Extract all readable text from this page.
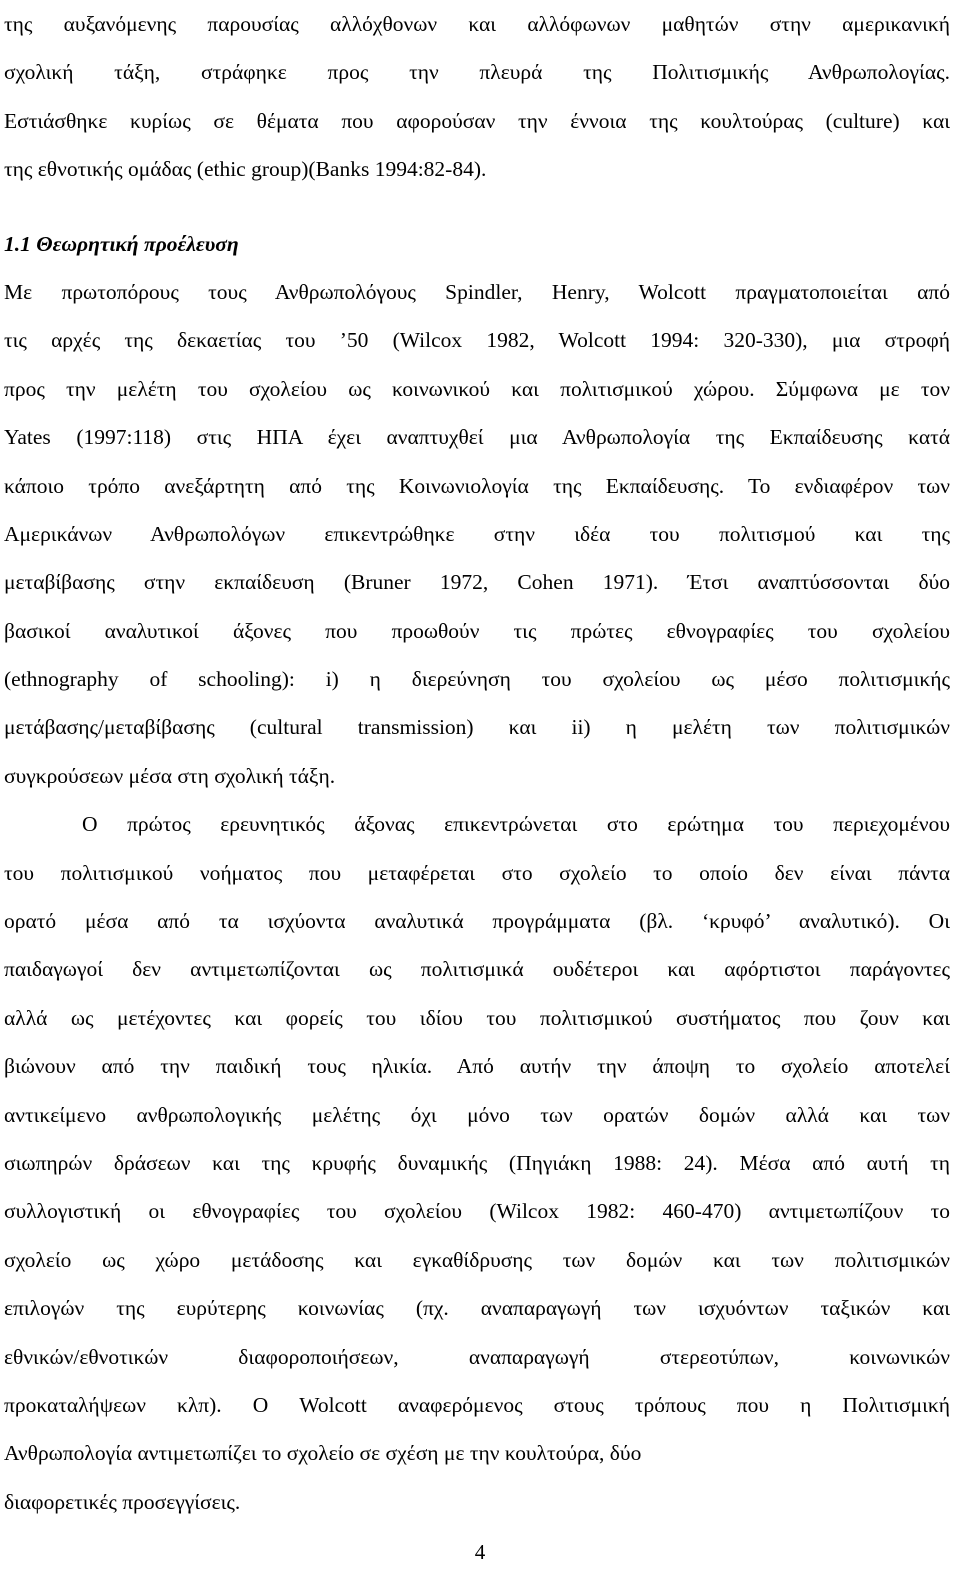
της αυξανόμενης παρουσίας αλλόχθονων και αλλόφωνων μαθητών στην αμερικανική
σχολική τάξη, στράφηκε προς την πλευρά της Πολιτισμικής Ανθρωπολογίας.
Εστιάσθηκε κυρίως σε θέματα που αφορούσαν την έννοια της κουλτούρας (culture) και
της εθνοτικής ομάδας (ethic group)(Banks 1994:82-84).
1.1 Θεωρητική προέλευση
Με πρωτοπόρους τους Ανθρωπολόγους Spindler, Henry, Wolcott πραγματοποιείται από
τις αρχές της δεκαετίας του ’50 (Wilcox 1982, Wolcott 1994: 320-330), μια στροφή
προς την μελέτη του σχολείου ως κοινωνικού και πολιτισμικού χώρου. Σύμφωνα με τον
Yates (1997:118) στις ΗΠΑ έχει αναπτυχθεί μια Ανθρωπολογία της Εκπαίδευσης κατά
κάποιο τρόπο ανεξάρτητη από της Κοινωνιολογία της Εκπαίδευσης. Το ενδιαφέρον των
Αμερικάνων Ανθρωπολόγων επικεντρώθηκε στην ιδέα του πολιτισμού και της
μεταβίβασης στην εκπαίδευση (Bruner 1972, Cohen 1971). Έτσι αναπτύσσονται δύο
βασικοί αναλυτικοί άξονες που προωθούν τις πρώτες εθνογραφίες του σχολείου
(ethnography of schooling): i) η διερεύνηση του σχολείου ως μέσο πολιτισμικής
μετάβασης/μεταβίβασης (cultural transmission) και ii) η μελέτη των πολιτισμικών
συγκρούσεων μέσα στη σχολική τάξη.
Ο πρώτος ερευνητικός άξονας επικεντρώνεται στο ερώτημα του περιεχομένου
του πολιτισμικού νοήματος που μεταφέρεται στο σχολείο το οποίο δεν είναι πάντα
ορατό μέσα από τα ισχύοντα αναλυτικά προγράμματα (βλ. ‘κρυφό’ αναλυτικό). Οι
παιδαγωγοί δεν αντιμετωπίζονται ως πολιτισμικά ουδέτεροι και αφόρτιστοι παράγοντες
αλλά ως μετέχοντες και φορείς του ιδίου του πολιτισμικού συστήματος που ζουν και
βιώνουν από την παιδική τους ηλικία. Από αυτήν την άποψη το σχολείο αποτελεί
αντικείμενο ανθρωπολογικής μελέτης όχι μόνο των ορατών δομών αλλά και των
σιωπηρών δράσεων και της κρυφής δυναμικής (Πηγιάκη 1988: 24). Μέσα από αυτή τη
συλλογιστική οι εθνογραφίες του σχολείου (Wilcox 1982: 460-470) αντιμετωπίζουν το
σχολείο ως χώρο μετάδοσης και εγκαθίδρυσης των δομών και των πολιτισμικών
επιλογών της ευρύτερης κοινωνίας (πχ. αναπαραγωγή των ισχυόντων ταξικών και
εθνικών/εθνοτικών διαφοροποιήσεων, αναπαραγωγή στερεοτύπων, κοινωνικών
προκαταλήψεων κλπ). Ο Wolcott αναφερόμενος στους τρόπους που η Πολιτισμική
Ανθρωπολογία αντιμετωπίζει το σχολείο σε σχέση με την κουλτούρα, δύο
διαφορετικές προσεγγίσεις.
4
